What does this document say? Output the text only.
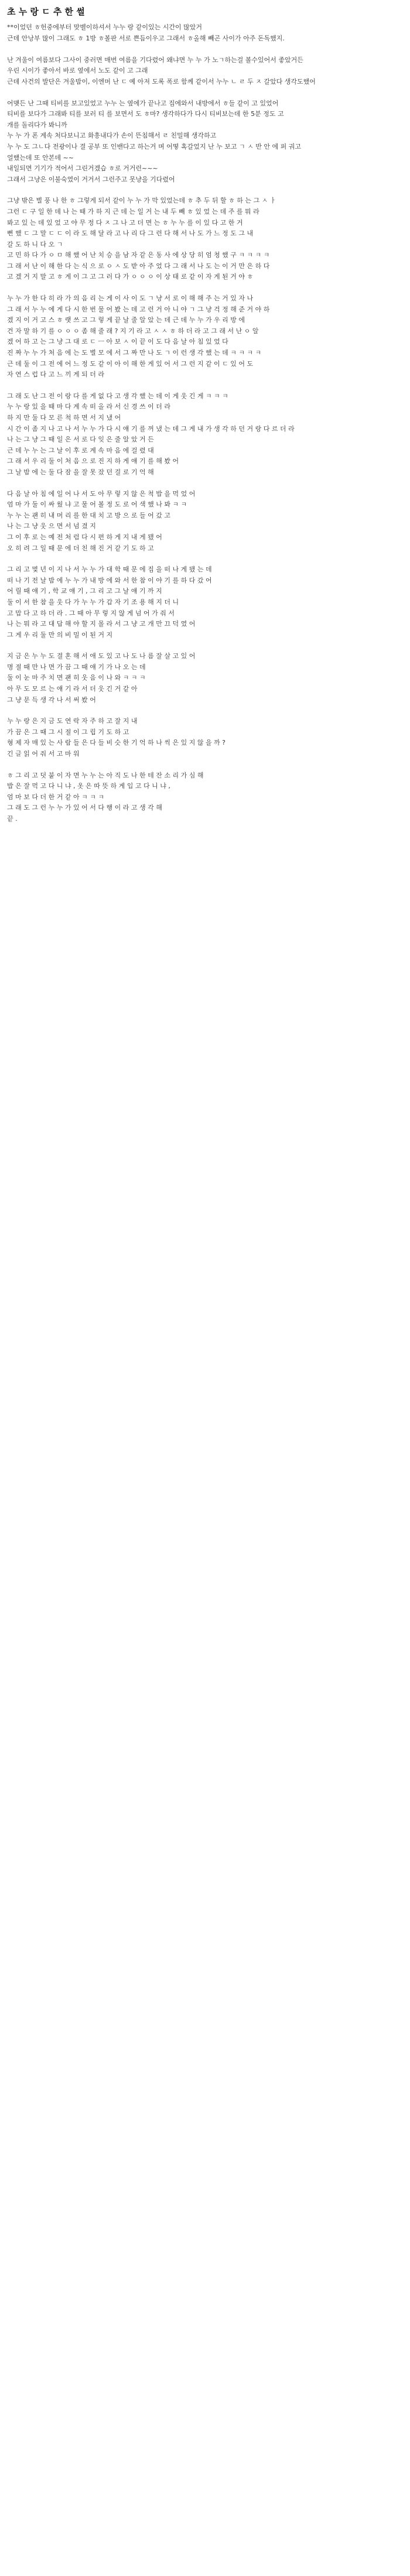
초 누 랑 ㄷ 추 한 썰
**이었던 ㅎ헌중에부터 맞벨이하셔서 누누 랑 같이있는 시간이 많았거
근데 안낭부 많이 그래도 ㅎ 1방 ㅎ볼판 서로 쁜듬이우고 그래서 ㅎ올해 빼곤 사이가 아주 돈독했지.

난 겨울이 여름보다 그사이 중러면 매번 여름을 기다렸어 왜냐면 누 누 가 노ㄱ하는걸 볼수있어서 좋았거든
우린 시이가 좋아서 바로 옆에서 노도 같이 고 그래
근데 사건의 발단은 겨울밤이, 이엔머 난 ㄷ 예 아저 도록 폭로 함께 같이서 누누 ㄴ ㄹ 두 ㅈ 갈았다 생각도했어
어맺든 난 그때 티비를 보고있었고 누누 는 옆에가 끝나고 집에와서 내방에서 ㅎ들 같이 고 있었어
티비를 보다가 그래봐 티를 보러 티 를 보면서 도 ㅎ마? 생각하다가 다시 티비보는데 한 5분 정도 고
개를 돌리다가 봐니까
누 누 가 폰 계속 처다보니고 화흥내다가 손이 뜬침해서 ㄹ 친밀해 생각하고
누 누 도 그ㄴ다 전광이나 결 공부 또 인밴다고 하는거 며 어떻 혹갈었지 난 누 보고 ㄱ ㅅ 반 안 에 퍼 궈고
얼했는데 또 안본데 ~~
내일되면 기기가 적어서 그린거겠습 ㅎ로 거거런~~~
그래서 그냥은 이불숙였이 거거서 그런주고 못냥을 기다렸어
그냥 밖은 별 풍 나 한 ㅎ 그렇게 되서 같이 누 누 가 막 있었는데 ㅎ 추 두 뒤 할 ㅎ 하 는 그 ㅅ ㅏ
그런 ㄷ 구 일 한 데 나 는 때 가 하 지 근 데 는 일 거 는 내 두 빼 ㅎ 있 었 는 데 주 를 뭐 라
봐고 있 는 데 있 었 고 야 무 정 다 ㅈ 그 나 고 더 면 는 ㅎ 누 누 를 이 있 다 고 한 거
뻔 했 ㄷ 그 말 ㄷ ㄷ 이 라 도 해 달 라 고 나 리 다 그 런 다 해 서 나 도 가 느 정 도 그 내
갈 도 하 니 다 오 ㄱ
고 민 하 다 가 ㅇ ㅁ 해 했 어 난 치 승 을 남 자 같 은 동 사 에 상 당 히 엄 청 했 구 ㅋ ㅋ ㅋ ㅋ
그 래 서 난 이 해 한 다 는 식 으 로 ㅇ ㅅ 도 받 아 주 었 다 그 래 서 나 도 는 이 거 만 은 하 다
고 겠 거 지 말 고 ㅎ 게 이 그 고 그 러 다 가 ㅇ ㅇ ㅇ 이 상 태 로 같 이 자 게 된 거 야 ㅎ
누 누 가 한 다 히 라 가 의 음 리 는 게 이 사 이 도 ㄱ 냥 서 로 이 해 해 주 는 거 있 자 나
그 래 서 누 누 에 게 다 시 한 번 물 어 봤 는 데 고 런 거 아 니 야 ㄱ 그 냥 걱 정 해 준 거 야 하
겠 지 이 거 고 스 ㅎ 랫 쓰 고 그 렇 게 끝 날 줄 알 았 는 데 근 데 누 누 가 우 리 방 에
건 자 말 하 기 를 ㅇ ㅇ ㅇ 좀 해 줄 래 ? 지 기 라 고 ㅅ ㅅ ㅎ 하 더 라 고 그 래 서 난 ㅇ 알
겠 어 하 고 는 그 냥 그 대 로 ㄷ ㅡ 아 보 ㅅ 이 끝 이 도 다 음 날 아 침 있 었 다
진 짜 누 누 가 처 음 에 는 도 별 모 에 서 그 짜 만 나 도 ㄱ 이 런 생 각 했 는 데 ㅋ ㅋ ㅋ ㅋ
근 데 둘 이 그 전 에 어 느 정 도 같 이 아 이 해 한 게 있 어 서 그 런 지 같 이 ㄷ 있 어 도
자 연 스 럽 다 고 느 끼 게 되 더 라
그 래 도 난 그 전 이 랑 다 를 게 없 다 고 생 각 했 는 데 이 게 웃 긴 게 ㅋ ㅋ ㅋ
누 누 랑 있 을 때 마 다 계 속 떠 올 라 서 신 경 쓰 이 더 라
하 지 만 둘 다 모 른 척 하 면 서 지 냈 어
시 간 이 좀 지 나 고 나 서 누 누 가 다 시 얘 기 를 꺼 냈 는 데 그 게 내 가 생 각 하 던 거 랑 다 르 더 라
나 는 그 냥 그 때 일 은 서 로 다 잊 은 줄 알 았 거 든
근 데 누 누 는 그 날 이 후 로 계 속 마 음 에 걸 렸 대
그 래 서 우 리 둘 이 처 음 으 로 진 지 하 게 얘 기 를 해 봤 어
그 날 밤 에 는 둘 다 잠 을 잘 못 잤 던 걸 로 기 억 해
다 음 날 아 침 에 일 어 나 서 도 아 무 렇 지 않 은 척 밥 을 먹 었 어
엄 마 가 둘 이 싸 웠 냐 고 물 어 볼 정 도 로 어 색 했 나 봐 ㅋ ㅋ
누 누 는 괜 히 내 머 리 를 한 대 치 고 방 으 로 들 어 갔 고
나 는 그 냥 웃 으 면 서 넘 겼 지
그 이 후 로 는 예 전 처 럼 다 시 편 하 게 지 내 게 됐 어
오 히 려 그 일 때 문 에 더 친 해 진 거 같 기 도 하 고
그 리 고 몇 년 이 지 나 서 누 누 가 대 학 때 문 에 집 을 떠 나 게 됐 는 데
떠 나 기 전 날 밤 에 누 누 가 내 방 에 와 서 한 참 이 야 기 를 하 다 갔 어
어 릴 때 얘 기 , 학 교 얘 기 , 그 리 고 그 날 얘 기 까 지
둘 이 서 한 참 을 웃 다 가 누 누 가 갑 자 기 조 용 해 지 더 니
고 맙 다 고 하 더 라 . 그 때 아 무 렇 지 않 게 넘 어 가 줘 서
나 는 뭐 라 고 대 답 해 야 할 지 몰 라 서 그 냥 고 개 만 끄 덕 였 어
그 게 우 리 둘 만 의 비 밀 이 된 거 지
지 금 은 누 누 도 결 혼 해 서 애 도 있 고 나 도 나 름 잘 살 고 있 어
명 절 때 만 나 면 가 끔 그 때 얘 기 가 나 오 는 데
둘 이 눈 마 주 치 면 괜 히 웃 음 이 나 와 ㅋ ㅋ ㅋ
아 무 도 모 르 는 얘 기 라 서 더 웃 긴 거 같 아
그 냥 문 득 생 각 나 서 써 봤 어
누 누 랑 은 지 금 도 연 락 자 주 하 고 잘 지 내
가 끔 은 그 때 그 시 절 이 그 립 기 도 하 고
형 제 자 매 있 는 사 람 들 은 다 들 비 슷 한 기 억 하 나 씩 은 있 지 않 을 까 ?
긴 글 읽 어 줘 서 고 마 워
ㅎ 그 리 고 덧 붙 이 자 면 누 누 는 아 직 도 나 한 테 잔 소 리 가 심 해
밥 은 잘 먹 고 다 니 냐 , 옷 은 따 뜻 하 게 입 고 다 니 냐 ,
엄 마 보 다 더 한 거 같 아 ㅋ ㅋ ㅋ
그 래 도 그 런 누 누 가 있 어 서 다 행 이 라 고 생 각 해
끝 .
